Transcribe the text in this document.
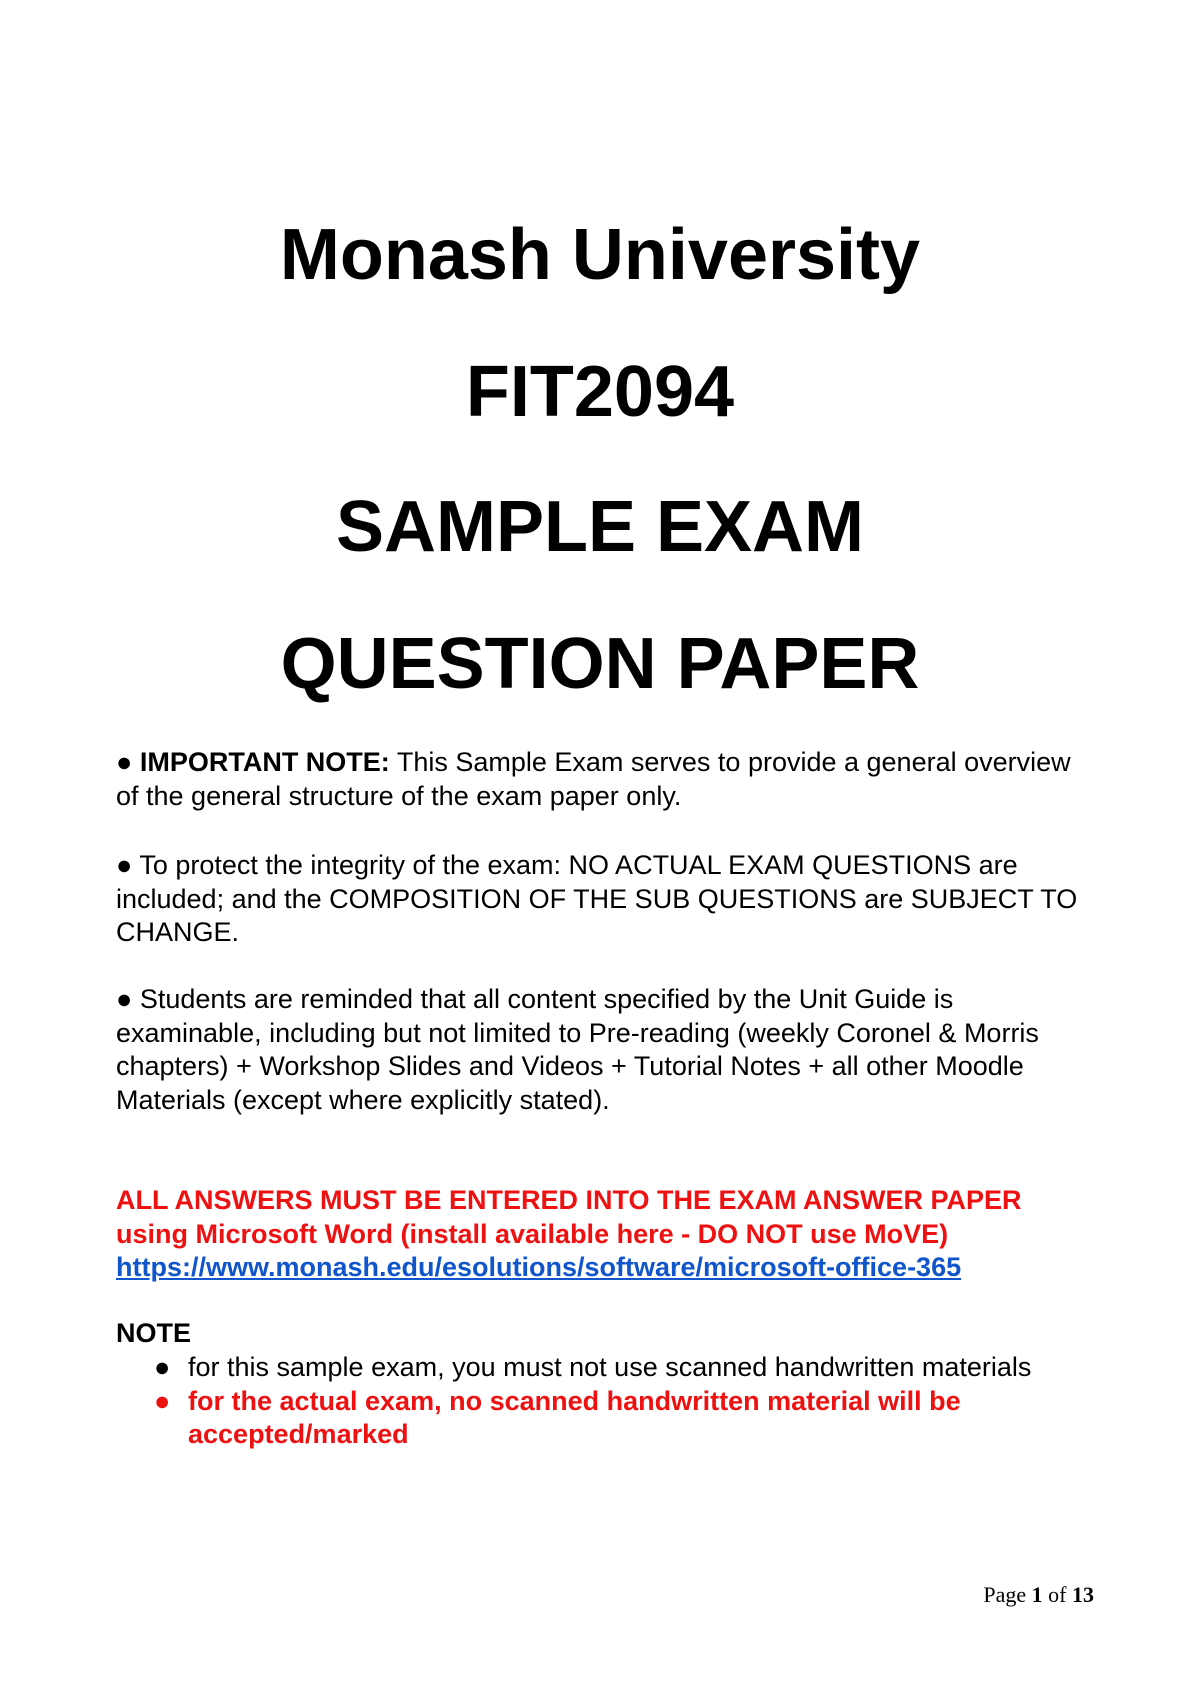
Monash University
FIT2094
SAMPLE EXAM
QUESTION PAPER

● IMPORTANT NOTE: This Sample Exam serves to provide a general overview of the general structure of the exam paper only.

● To protect the integrity of the exam: NO ACTUAL EXAM QUESTIONS are included; and the COMPOSITION OF THE SUB QUESTIONS are SUBJECT TO CHANGE.

● Students are reminded that all content specified by the Unit Guide is examinable, including but not limited to Pre-reading (weekly Coronel & Morris chapters) + Workshop Slides and Videos + Tutorial Notes + all other Moodle Materials (except where explicitly stated).

ALL ANSWERS MUST BE ENTERED INTO THE EXAM ANSWER PAPER
using Microsoft Word (install available here - DO NOT use MoVE)
https://www.monash.edu/esolutions/software/microsoft-office-365

NOTE

● for this sample exam, you must not use scanned handwritten materials
● for the actual exam, no scanned handwritten material will be accepted/marked

Page 1 of 13
